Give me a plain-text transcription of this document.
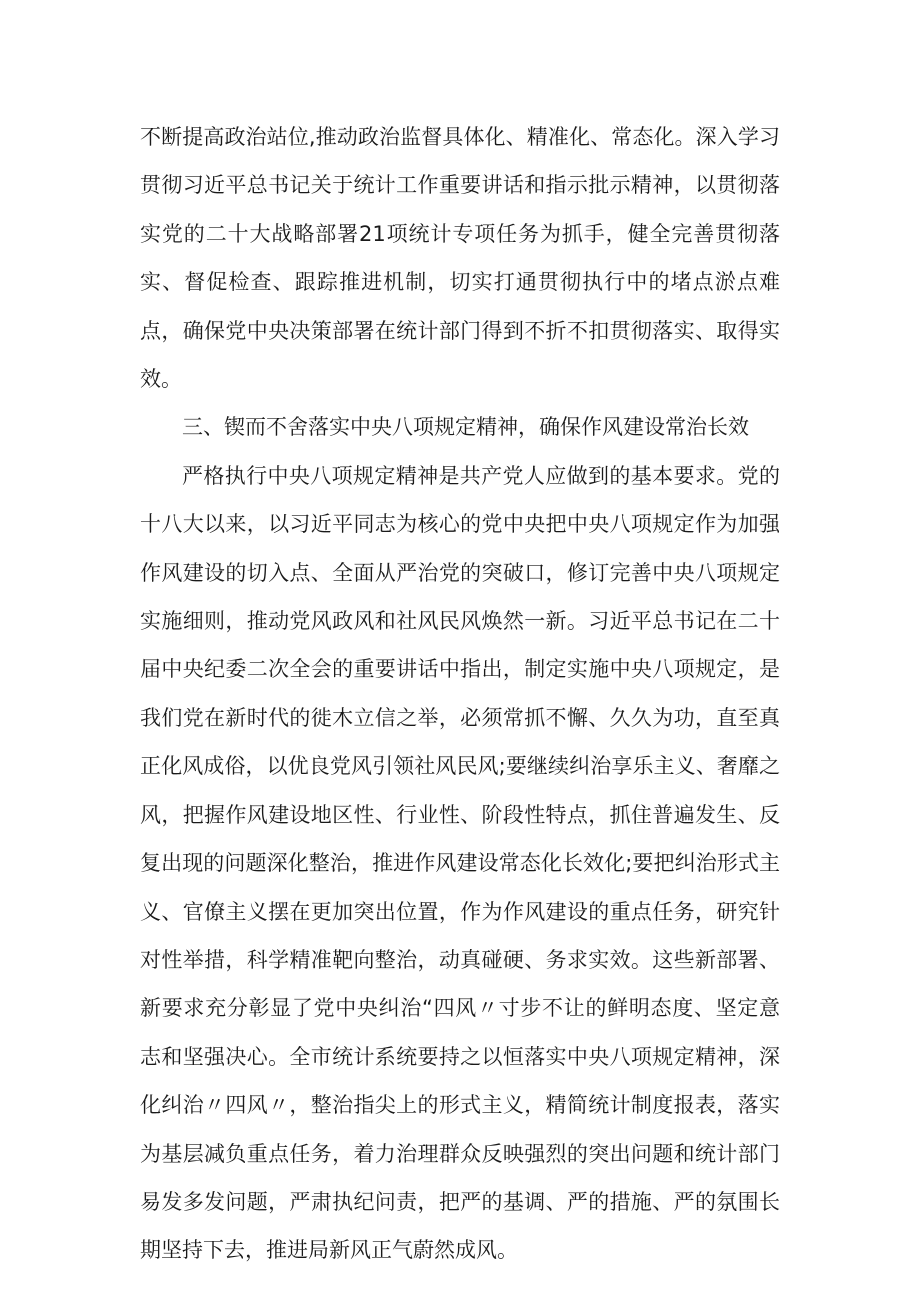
不断提高政治站位,推动政治监督具体化、精准化、常态化。深入学习贯彻习近平总书记关于统计工作重要讲话和指示批示精神，以贯彻落实党的二十大战略部署21项统计专项任务为抓手，健全完善贯彻落实、督促检查、跟踪推进机制，切实打通贯彻执行中的堵点淤点难点，确保党中央决策部署在统计部门得到不折不扣贯彻落实、取得实效。

三、锲而不舍落实中央八项规定精神，确保作风建设常治长效

严格执行中央八项规定精神是共产党人应做到的基本要求。党的十八大以来，以习近平同志为核心的党中央把中央八项规定作为加强作风建设的切入点、全面从严治党的突破口，修订完善中央八项规定实施细则，推动党风政风和社风民风焕然一新。习近平总书记在二十届中央纪委二次全会的重要讲话中指出，制定实施中央八项规定，是我们党在新时代的徙木立信之举，必须常抓不懈、久久为功，直至真正化风成俗，以优良党风引领社风民风;要继续纠治享乐主义、奢靡之风，把握作风建设地区性、行业性、阶段性特点，抓住普遍发生、反复出现的问题深化整治，推进作风建设常态化长效化;要把纠治形式主义、官僚主义摆在更加突出位置，作为作风建设的重点任务，研究针对性举措，科学精准靶向整治，动真碰硬、务求实效。这些新部署、新要求充分彰显了党中央纠治“四风〃寸步不让的鲜明态度、坚定意志和坚强决心。全市统计系统要持之以恒落实中央八项规定精神，深化纠治〃四风〃，整治指尖上的形式主义，精简统计制度报表，落实为基层减负重点任务，着力治理群众反映强烈的突出问题和统计部门易发多发问题，严肃执纪问责，把严的基调、严的措施、严的氛围长期坚持下去，推进局新风正气蔚然成风。
